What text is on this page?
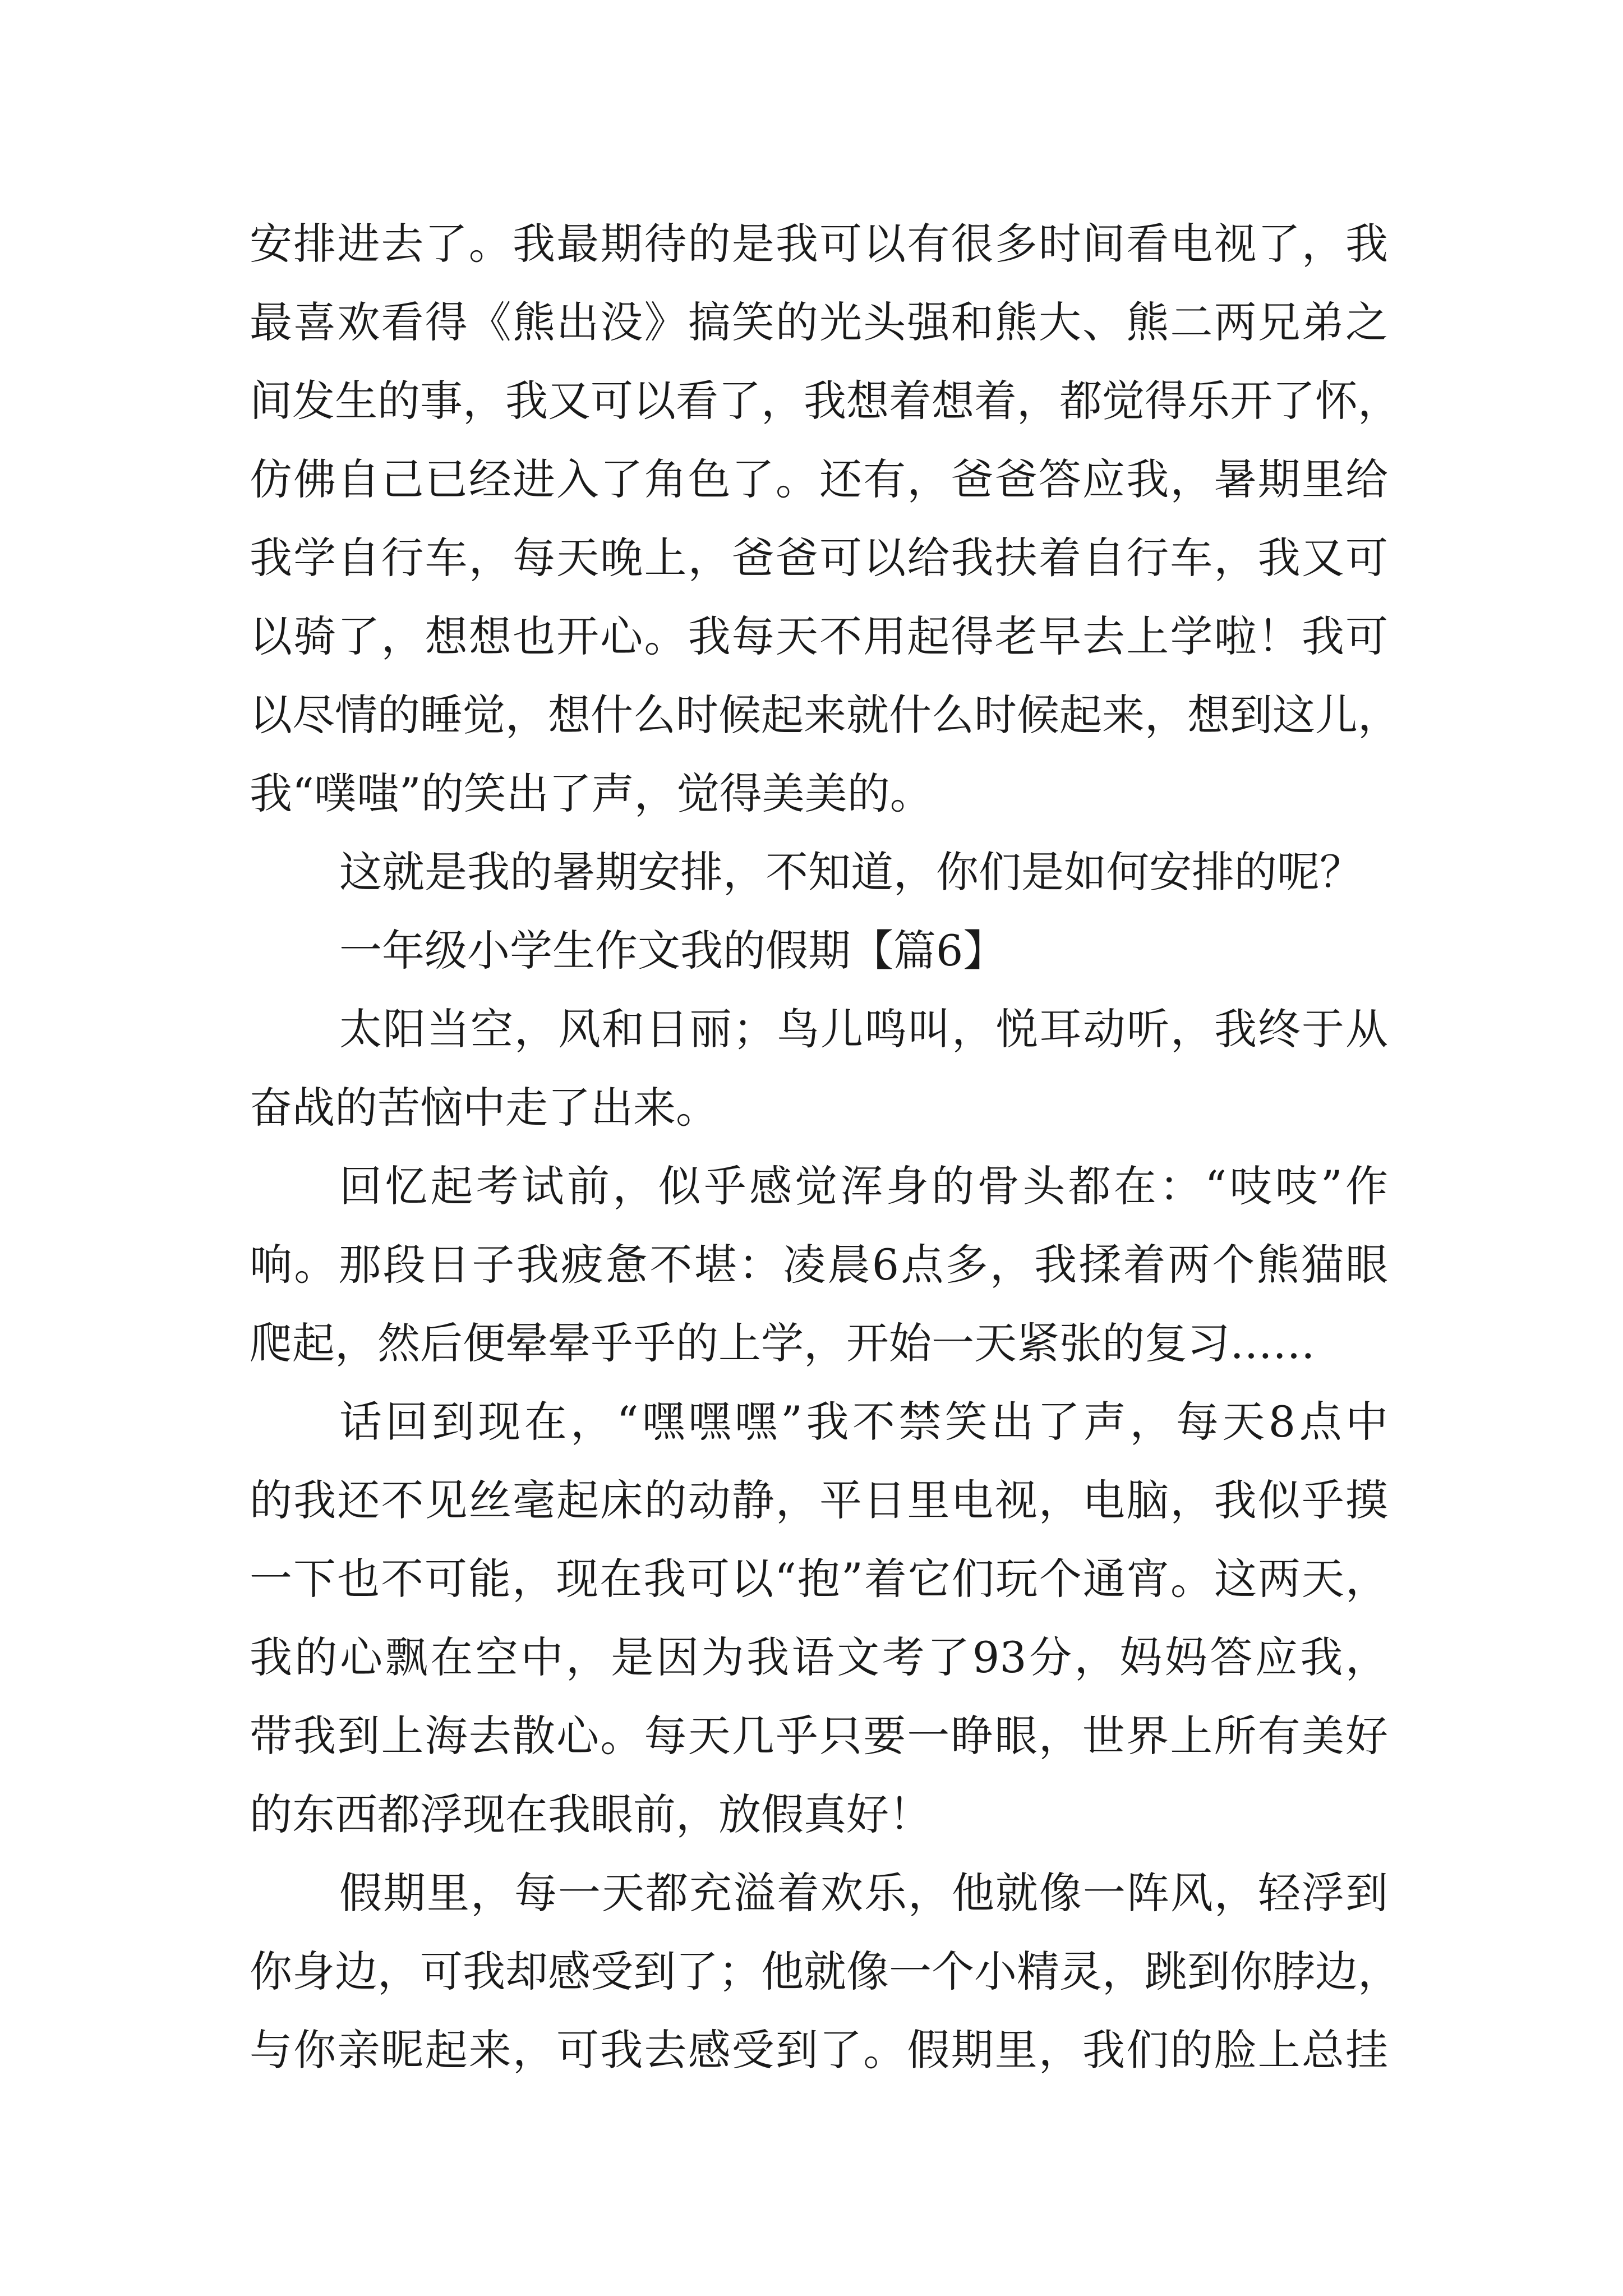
安排进去了。我最期待的是我可以有很多时间看电视了，我
最喜欢看得《熊出没》搞笑的光头强和熊大、熊二两兄弟之
间发生的事，我又可以看了，我想着想着，都觉得乐开了怀，
仿佛自己已经进入了角色了。还有，爸爸答应我，暑期里给
我学自行车，每天晚上，爸爸可以给我扶着自行车，我又可
以骑了，想想也开心。我每天不用起得老早去上学啦！我可
以尽情的睡觉，想什么时候起来就什么时候起来，想到这儿，
我“噗嗤”的笑出了声，觉得美美的。
这就是我的暑期安排，不知道，你们是如何安排的呢？
一年级小学生作文我的假期【篇6】
太阳当空，风和日丽；鸟儿鸣叫，悦耳动听，我终于从
奋战的苦恼中走了出来。
回忆起考试前，似乎感觉浑身的骨头都在：“吱吱”作
响。那段日子我疲惫不堪：凌晨6点多，我揉着两个熊猫眼
爬起，然后便晕晕乎乎的上学，开始一天紧张的复习……
话回到现在，“嘿嘿嘿”我不禁笑出了声，每天8点中
的我还不见丝毫起床的动静，平日里电视，电脑，我似乎摸
一下也不可能，现在我可以“抱”着它们玩个通宵。这两天，
我的心飘在空中，是因为我语文考了93分，妈妈答应我，
带我到上海去散心。每天几乎只要一睁眼，世界上所有美好
的东西都浮现在我眼前，放假真好！
假期里，每一天都充溢着欢乐，他就像一阵风，轻浮到
你身边，可我却感受到了；他就像一个小精灵，跳到你脖边，
与你亲昵起来，可我去感受到了。假期里，我们的脸上总挂
